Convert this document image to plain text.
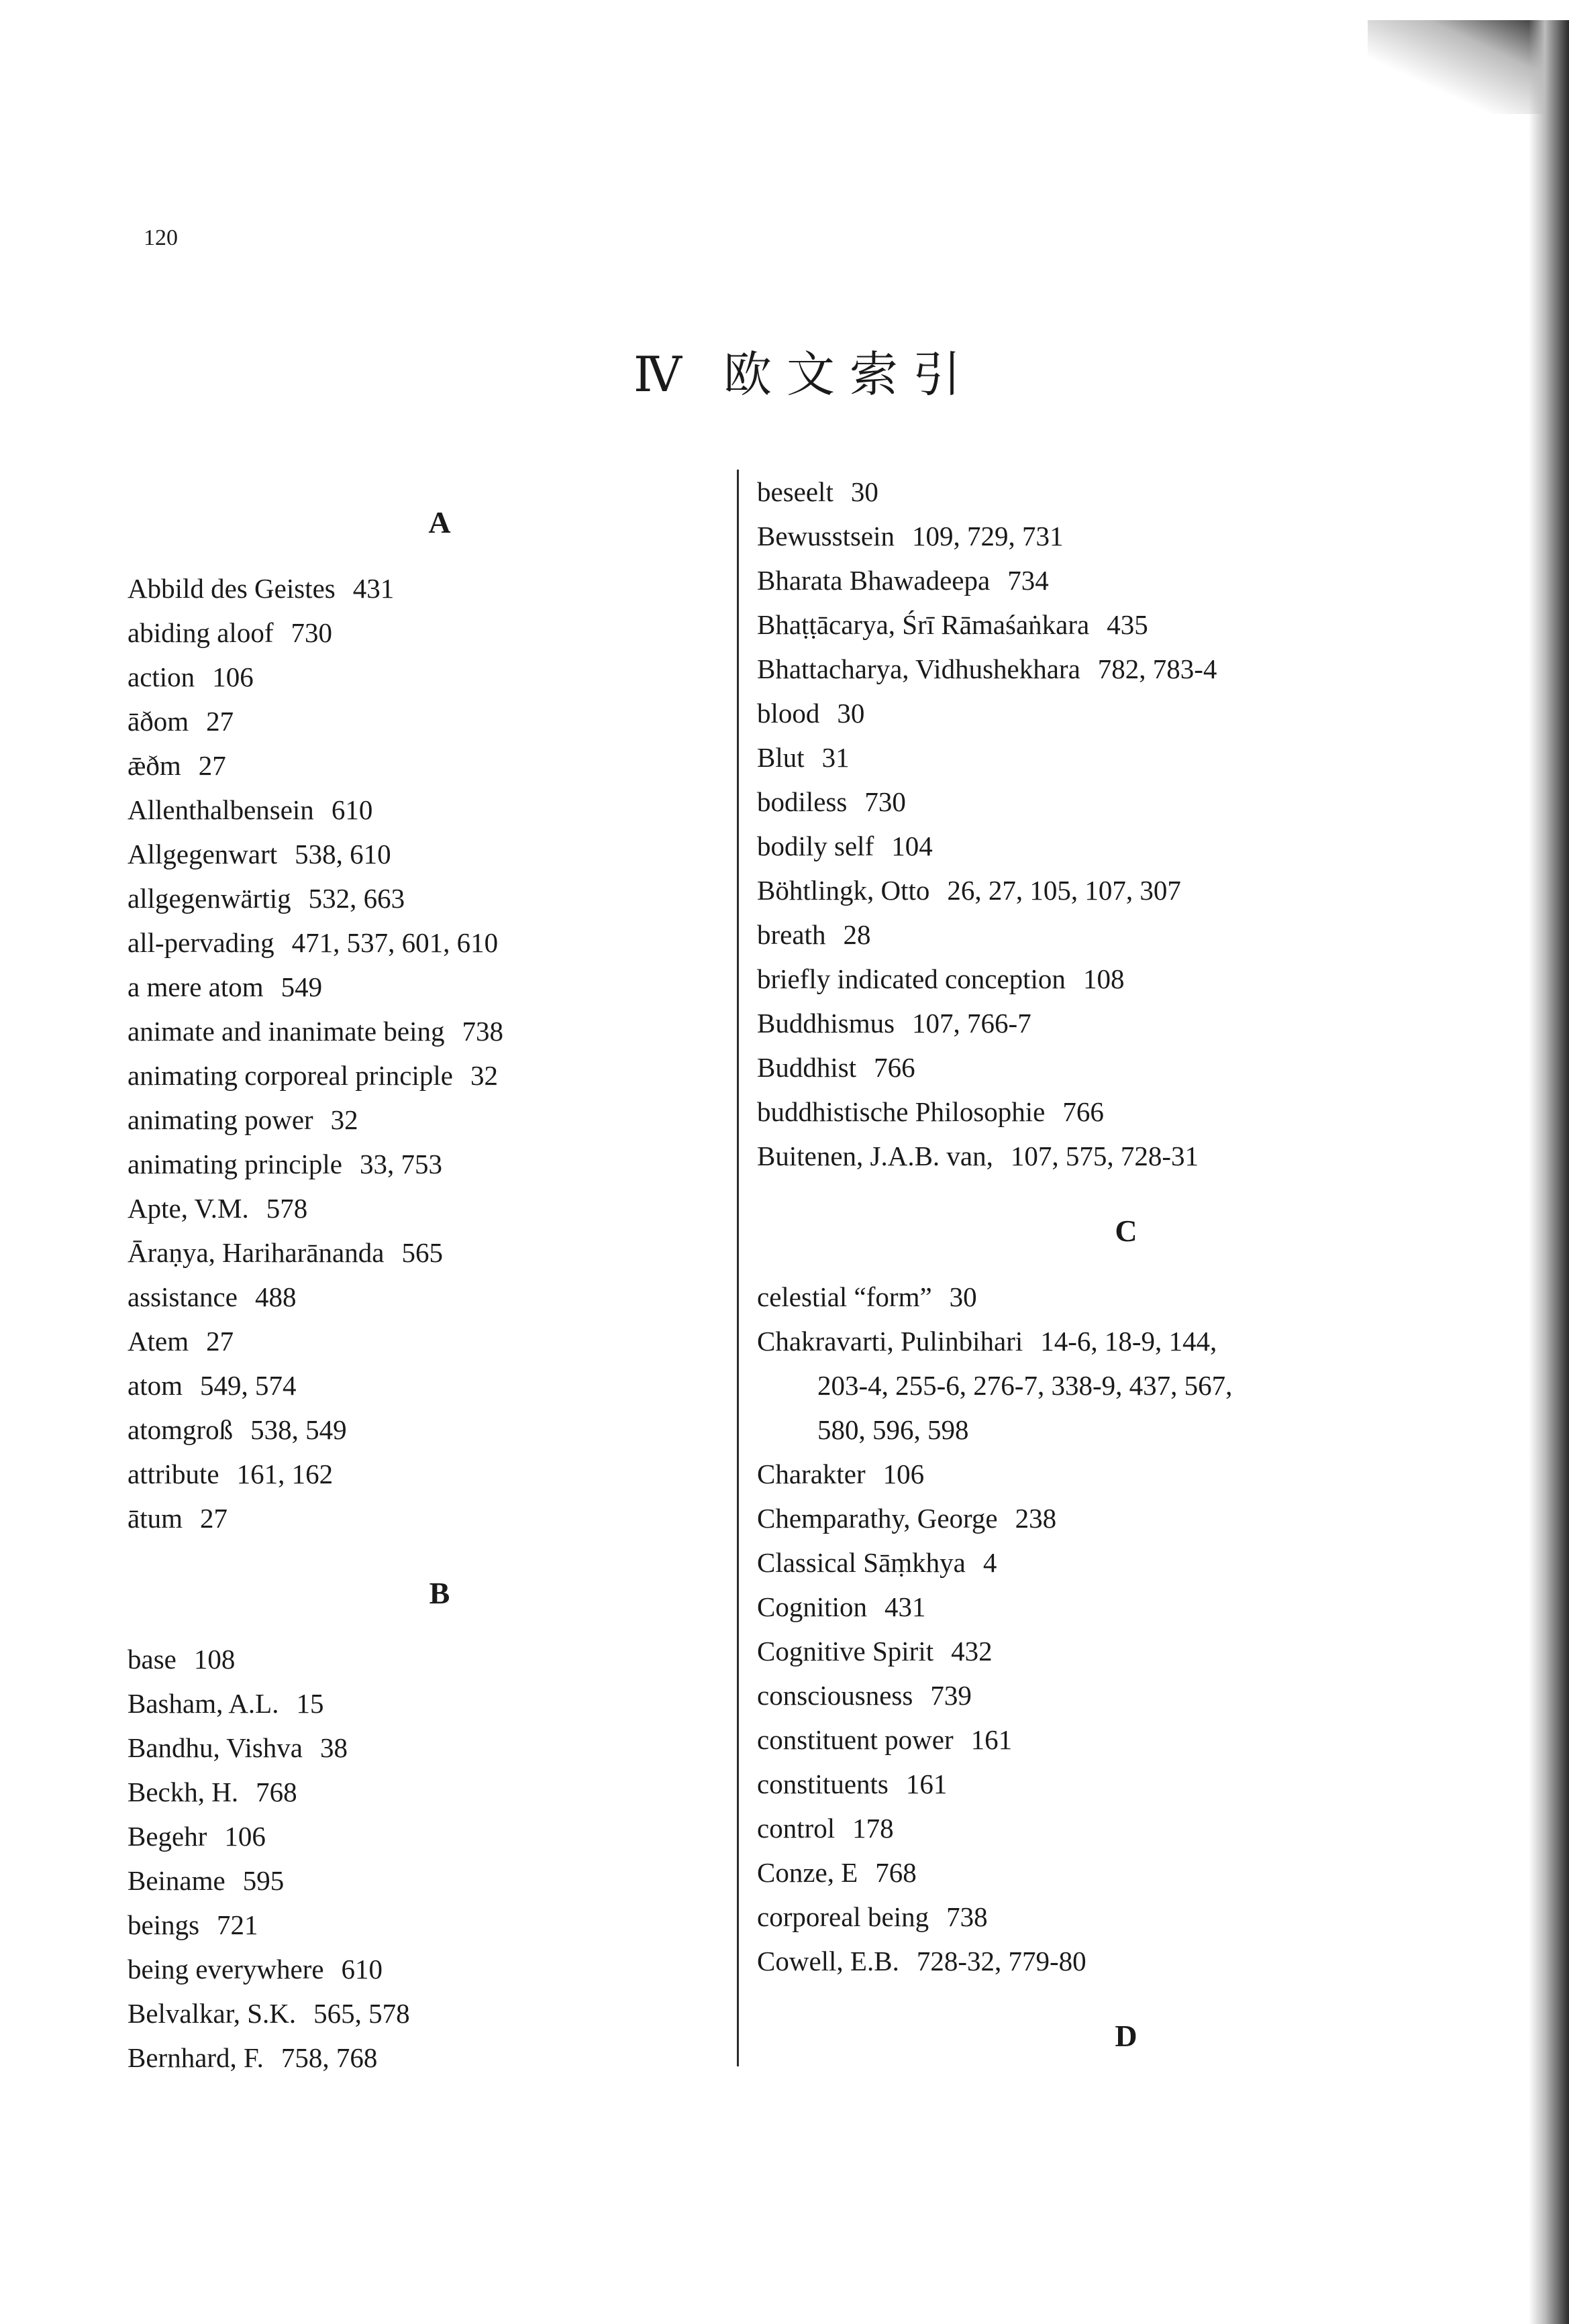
120
Ⅳ 欧文索引
A
Abbild des Geistes 431
abiding aloof 730
action 106
āðom 27
ǣðm 27
Allenthalbensein 610
Allgegenwart 538, 610
allgegenwärtig 532, 663
all-pervading 471, 537, 601, 610
a mere atom 549
animate and inanimate being 738
animating corporeal principle 32
animating power 32
animating principle 33, 753
Apte, V.M. 578
Āraṇya, Hariharānanda 565
assistance 488
Atem 27
atom 549, 574
atomgroß 538, 549
attribute 161, 162
ātum 27
B
base 108
Basham, A.L. 15
Bandhu, Vishva 38
Beckh, H. 768
Begehr 106
Beiname 595
beings 721
being everywhere 610
Belvalkar, S.K. 565, 578
Bernhard, F. 758, 768
beseelt 30
Bewusstsein 109, 729, 731
Bharata Bhawadeepa 734
Bhaṭṭācarya, Śrī Rāmaśaṅkara 435
Bhattacharya, Vidhushekhara 782, 783-4
blood 30
Blut 31
bodiless 730
bodily self 104
Böhtlingk, Otto 26, 27, 105, 107, 307
breath 28
briefly indicated conception 108
Buddhismus 107, 766-7
Buddhist 766
buddhistische Philosophie 766
Buitenen, J.A.B. van, 107, 575, 728-31
C
celestial “form” 30
Chakravarti, Pulinbihari 14-6, 18-9, 144,
203-4, 255-6, 276-7, 338-9, 437, 567,
580, 596, 598
Charakter 106
Chemparathy, George 238
Classical Sāṃkhya 4
Cognition 431
Cognitive Spirit 432
consciousness 739
constituent power 161
constituents 161
control 178
Conze, E 768
corporeal being 738
Cowell, E.B. 728-32, 779-80
D
